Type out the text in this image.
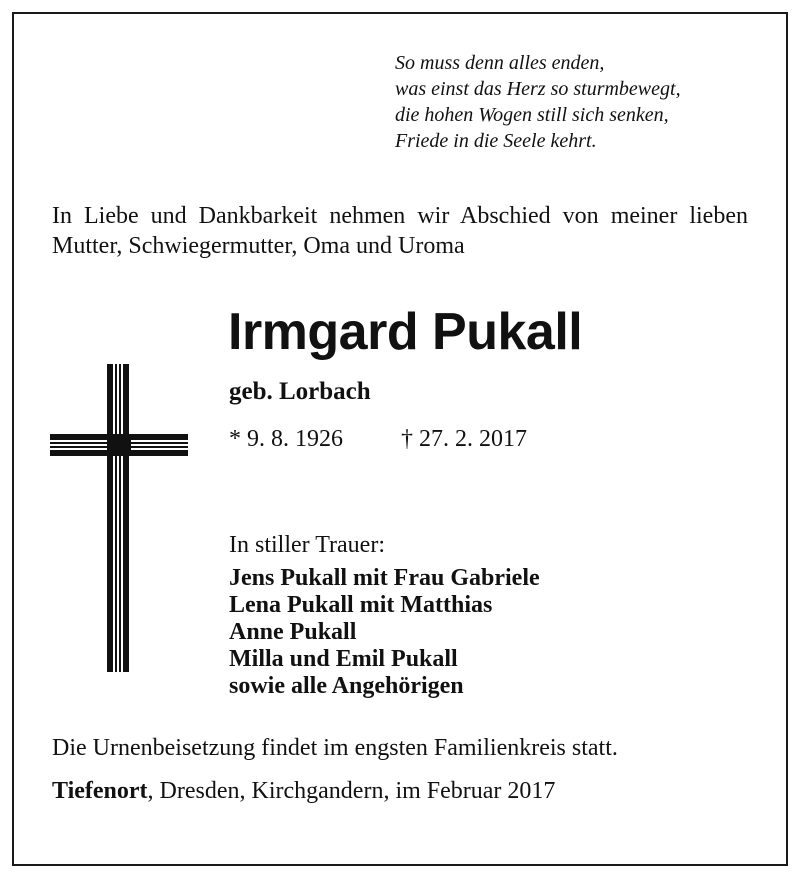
So muss denn alles enden,
was einst das Herz so sturmbewegt,
die hohen Wogen still sich senken,
Friede in die Seele kehrt.
In Liebe und Dankbarkeit nehmen wir Abschied von meiner lieben Mutter, Schwiegermutter, Oma und Uroma
Irmgard Pukall
geb. Lorbach
* 9. 8. 1926 † 27. 2. 2017
In stiller Trauer:
Jens Pukall mit Frau Gabriele
Lena Pukall mit Matthias
Anne Pukall
Milla und Emil Pukall
sowie alle Angehörigen
Die Urnenbeisetzung findet im engsten Familienkreis statt.
Tiefenort, Dresden, Kirchgandern, im Februar 2017
